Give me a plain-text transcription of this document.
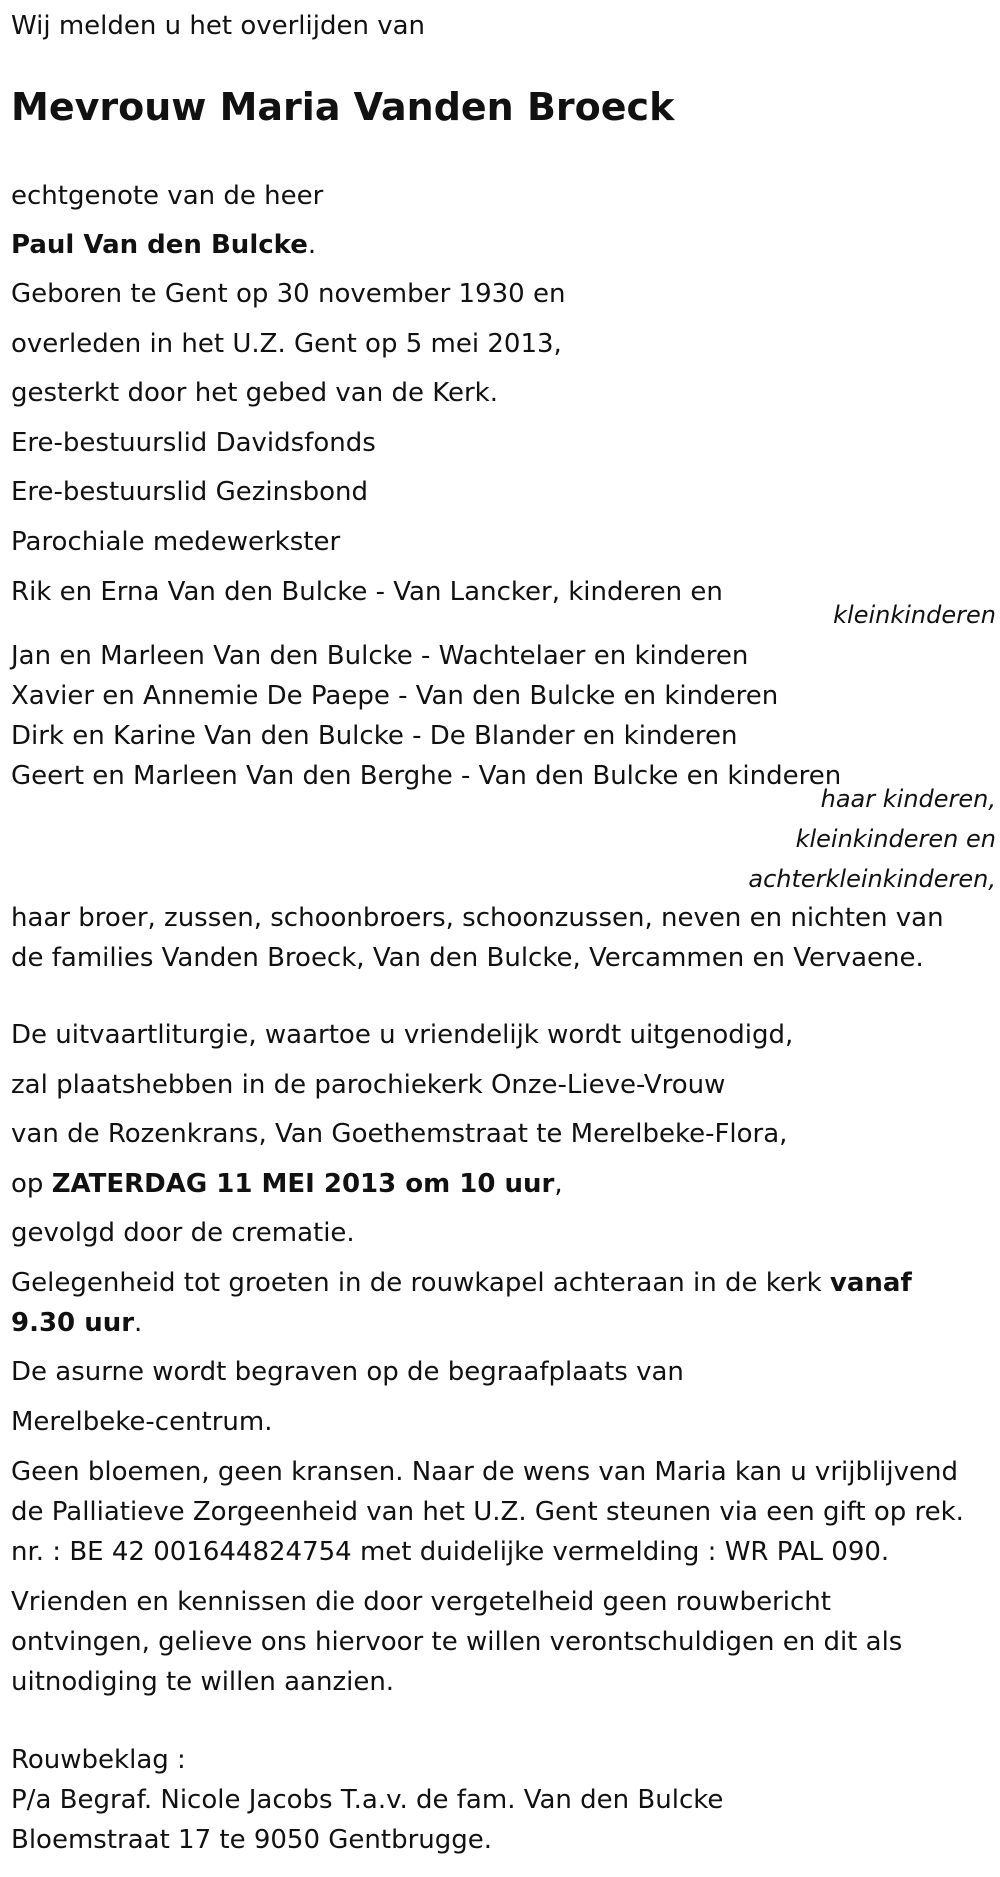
Wij melden u het overlijden van
Mevrouw Maria Vanden Broeck
echtgenote van de heer
Paul Van den Bulcke.
Geboren te Gent op 30 november 1930 en
overleden in het U.Z. Gent op 5 mei 2013,
gesterkt door het gebed van de Kerk.
Ere-bestuurslid Davidsfonds
Ere-bestuurslid Gezinsbond
Parochiale medewerkster
Rik en Erna Van den Bulcke - Van Lancker, kinderen en
kleinkinderen
Jan en Marleen Van den Bulcke - Wachtelaer en kinderen
Xavier en Annemie De Paepe - Van den Bulcke en kinderen
Dirk en Karine Van den Bulcke - De Blander en kinderen
Geert en Marleen Van den Berghe - Van den Bulcke en kinderen
haar kinderen,
kleinkinderen en
achterkleinkinderen,
haar broer, zussen, schoonbroers, schoonzussen, neven en nichten van
de families Vanden Broeck, Van den Bulcke, Vercammen en Vervaene.
De uitvaartliturgie, waartoe u vriendelijk wordt uitgenodigd,
zal plaatshebben in de parochiekerk Onze-Lieve-Vrouw
van de Rozenkrans, Van Goethemstraat te Merelbeke-Flora,
op ZATERDAG 11 MEI 2013 om 10 uur,
gevolgd door de crematie.
Gelegenheid tot groeten in de rouwkapel achteraan in de kerk vanaf
9.30 uur.
De asurne wordt begraven op de begraafplaats van
Merelbeke-centrum.
Geen bloemen, geen kransen. Naar de wens van Maria kan u vrijblijvend
de Palliatieve Zorgeenheid van het U.Z. Gent steunen via een gift op rek.
nr. : BE 42 001644824754 met duidelijke vermelding : WR PAL 090.
Vrienden en kennissen die door vergetelheid geen rouwbericht
ontvingen, gelieve ons hiervoor te willen verontschuldigen en dit als
uitnodiging te willen aanzien.
Rouwbeklag :
P/a Begraf. Nicole Jacobs T.a.v. de fam. Van den Bulcke
Bloemstraat 17 te 9050 Gentbrugge.
